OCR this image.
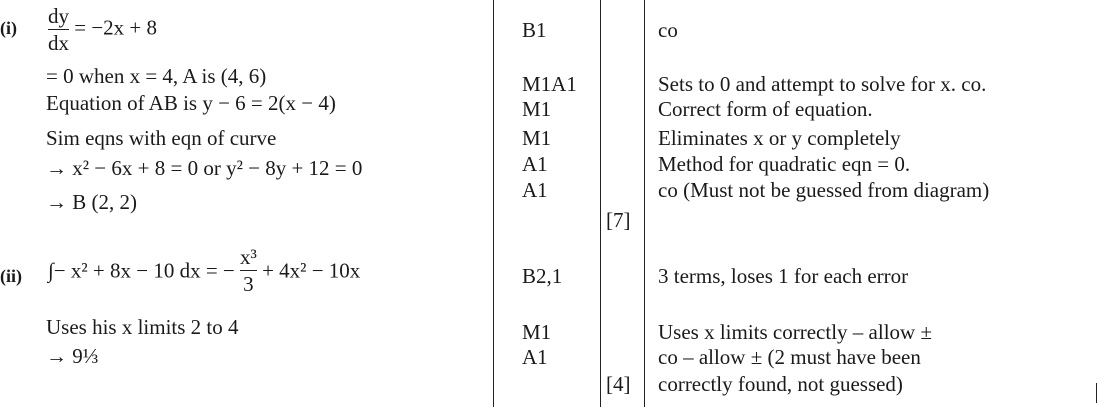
$(i) \frac{dy}{dx} = -2x + 8$
= 0 when x = 4, A is (4, 6)
Equation of AB is y − 6 = 2(x − 4)
Sim eqns with eqn of curve
→ x² − 6x + 8 = 0 or y² − 8y + 12 = 0
→ B (2, 2)
(ii) ∫− x² + 8x − 10 dx = − $\frac{\text{x³}}{3} + 4x^2 - 10x$
Uses his x limits 2 to 4
→ 9⅓
B1
M1A1
M1
M1
A1
A1
B2,1
M1
A1
[7]
[4]
co
Sets to 0 and attempt to solve for x. co.
Correct form of equation.
Eliminates x or y completely
Method for quadratic eqn = 0.
co (Must not be guessed from diagram)
3 terms, loses 1 for each error
Uses x limits correctly – allow ±
co – allow ± (2 must have been
correctly found, not guessed)
